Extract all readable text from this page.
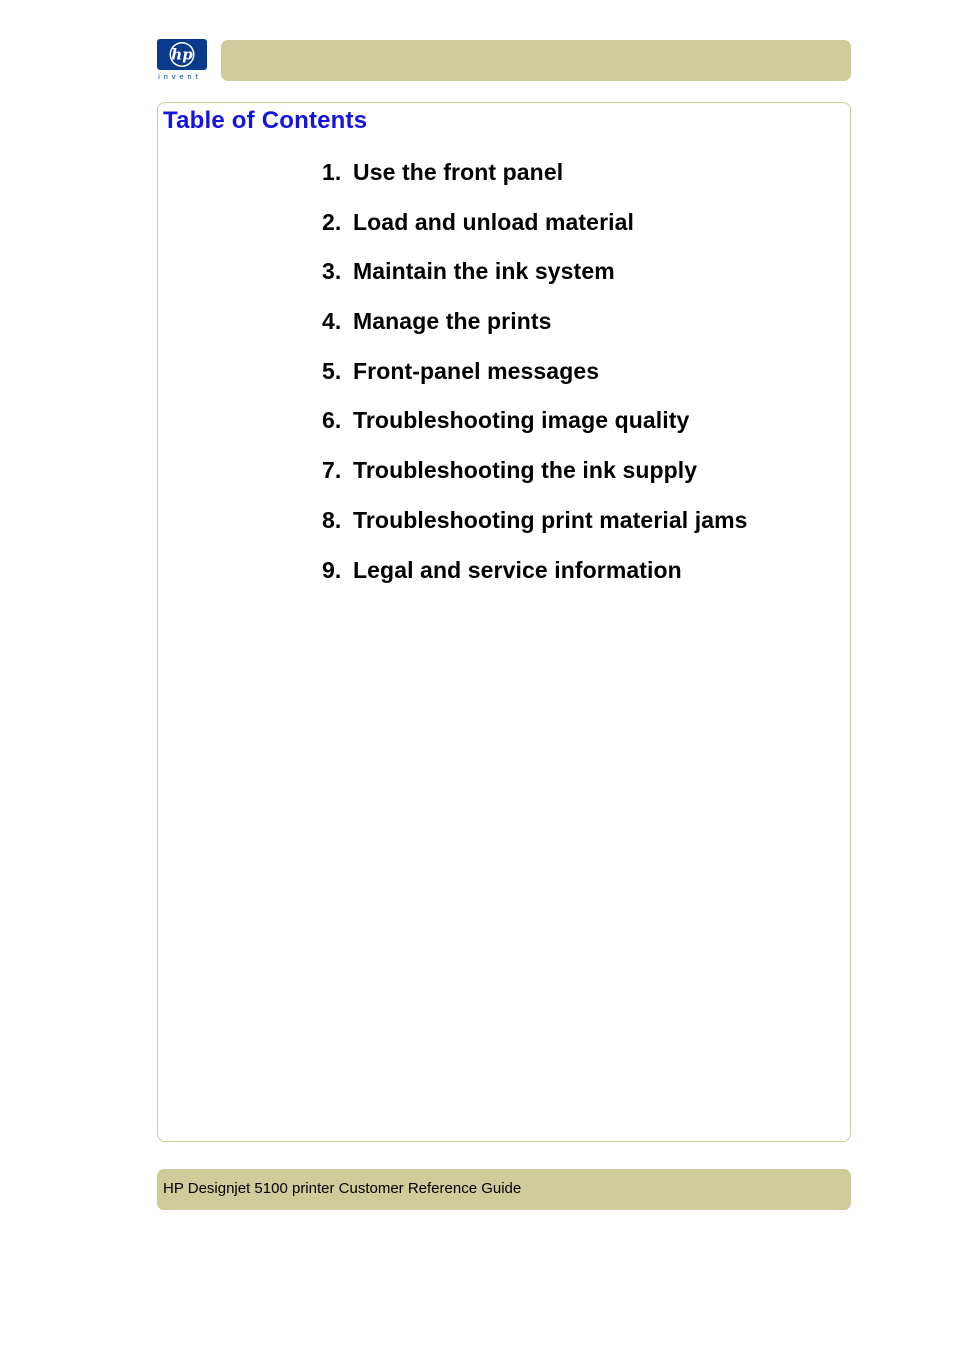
hp
invent
Table of Contents
1. Use the front panel
2. Load and unload material
3. Maintain the ink system
4. Manage the prints
5. Front-panel messages
6. Troubleshooting image quality
7. Troubleshooting the ink supply
8. Troubleshooting print material jams
9. Legal and service information
HP Designjet 5100 printer Customer Reference Guide
